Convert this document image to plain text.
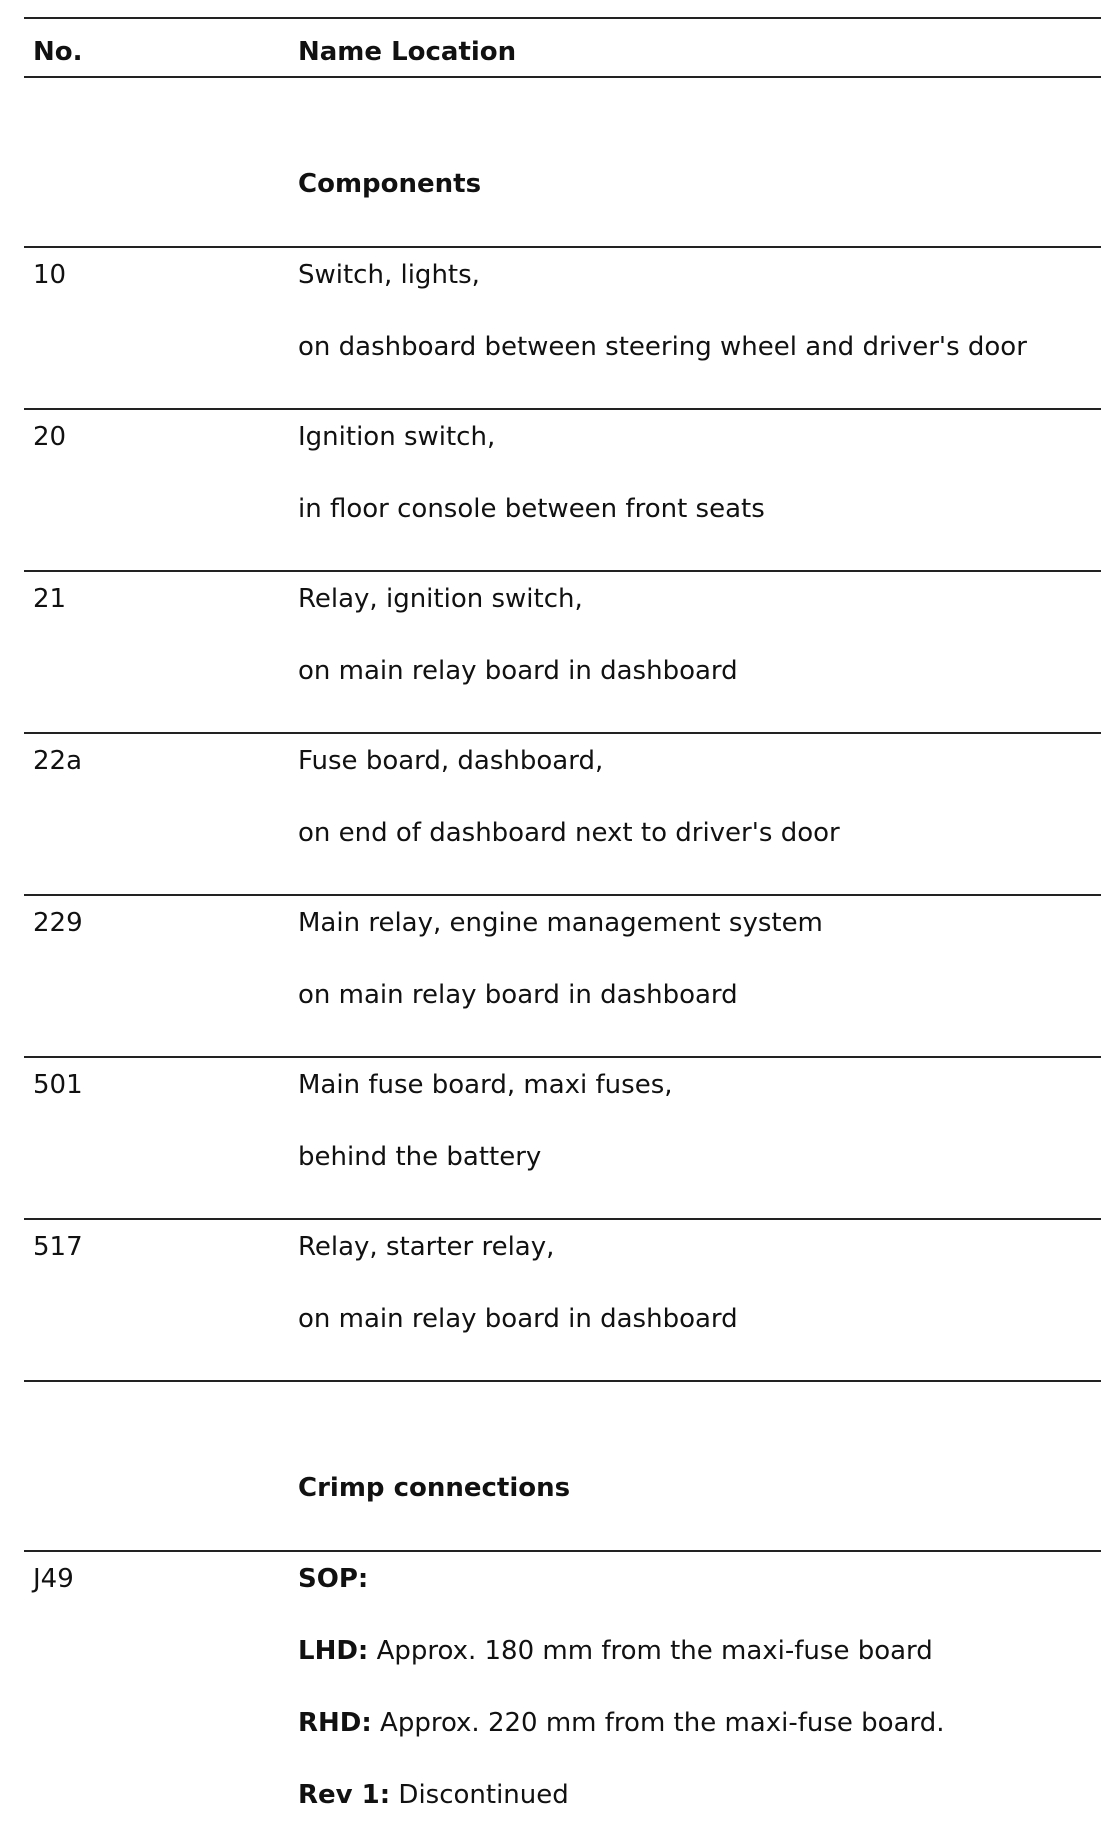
No.	Name Location
Components
10	Switch, lights,
on dashboard between steering wheel and driver's door
20	Ignition switch,
in floor console between front seats
21	Relay, ignition switch,
on main relay board in dashboard
22a	Fuse board, dashboard,
on end of dashboard next to driver's door
229	Main relay, engine management system
on main relay board in dashboard
501	Main fuse board, maxi fuses,
behind the battery
517	Relay, starter relay,
on main relay board in dashboard
Crimp connections
J49	SOP:
LHD: Approx. 180 mm from the maxi-fuse board
RHD: Approx. 220 mm from the maxi-fuse board.
Rev 1: Discontinued
